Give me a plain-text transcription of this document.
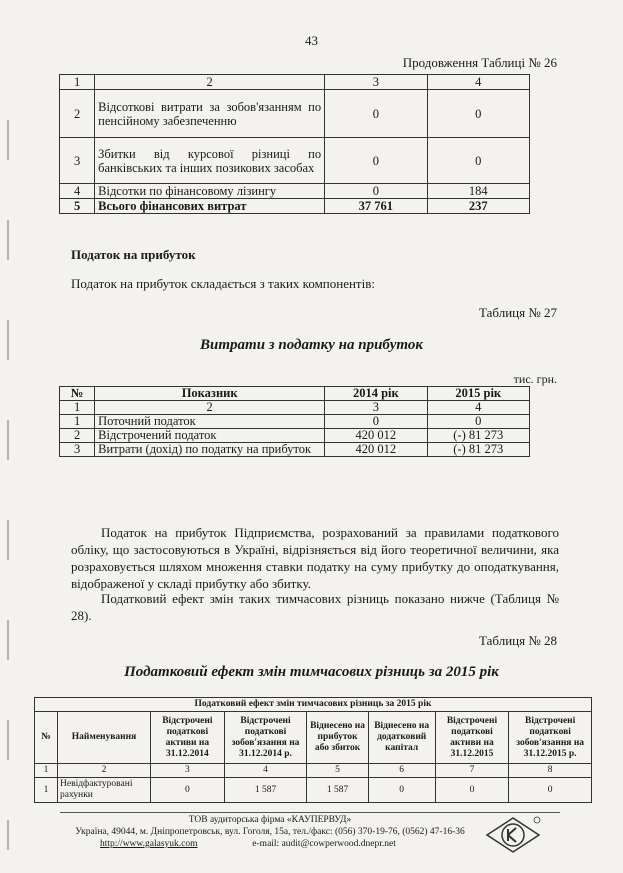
43
Продовження Таблиці № 26
1	2	3	4
2	Відсоткові витрати за зобов'язанням по пенсійному забезпеченню	0	0
3	Збитки від курсової різниці по банківських та інших позикових засобах	0	0
4	Відсотки по фінансовому лізингу	0	184
5	Всього фінансових витрат	37 761	237
Податок на прибуток
Податок на прибуток складається з таких компонентів:
Таблиця № 27
Витрати з податку на прибуток
тис. грн.
№	Показник	2014 рік	2015 рік
1	2	3	4
1	Поточний податок	0	0
2	Відстрочений податок	420 012	(-) 81 273
3	Витрати (дохід) по податку на прибуток	420 012	(-) 81 273
Податок на прибуток Підприємства, розрахований за правилами податкового обліку, що застосовуються в Україні, відрізняється від його теоретичної величини, яка розраховується шляхом множення ставки податку на суму прибутку до оподаткування, відображеної у складі прибутку або збитку.
Податковий ефект змін таких тимчасових різниць показано нижче (Таблиця № 28).
Таблиця № 28
Податковий ефект змін тимчасових різниць за 2015 рік
Податковий ефект змін тимчасових різниць за 2015 рік							
№	Найменування	Відстрочені податкові активи на 31.12.2014	Відстрочені податкові зобов'язання на 31.12.2014 р.	Віднесено на прибуток або збиток	Віднесено на додатковий капітал	Відстрочені податкові активи на 31.12.2015	Відстрочені податкові зобов'язання на 31.12.2015 р.
1	2	3	4	5	6	7	8
1	Невідфактуровані рахунки	0	1 587	1 587	0	0	0
ТОВ аудиторська фірма «КАУПЕРВУД»
Україна, 49044, м. Дніпропетровськ, вул. Гоголя, 15а, тел./факс: (056) 370-19-76, (0562) 47-16-36
http://www.galasyuk.com	e-mail: audit@cowperwood.dnepr.net
